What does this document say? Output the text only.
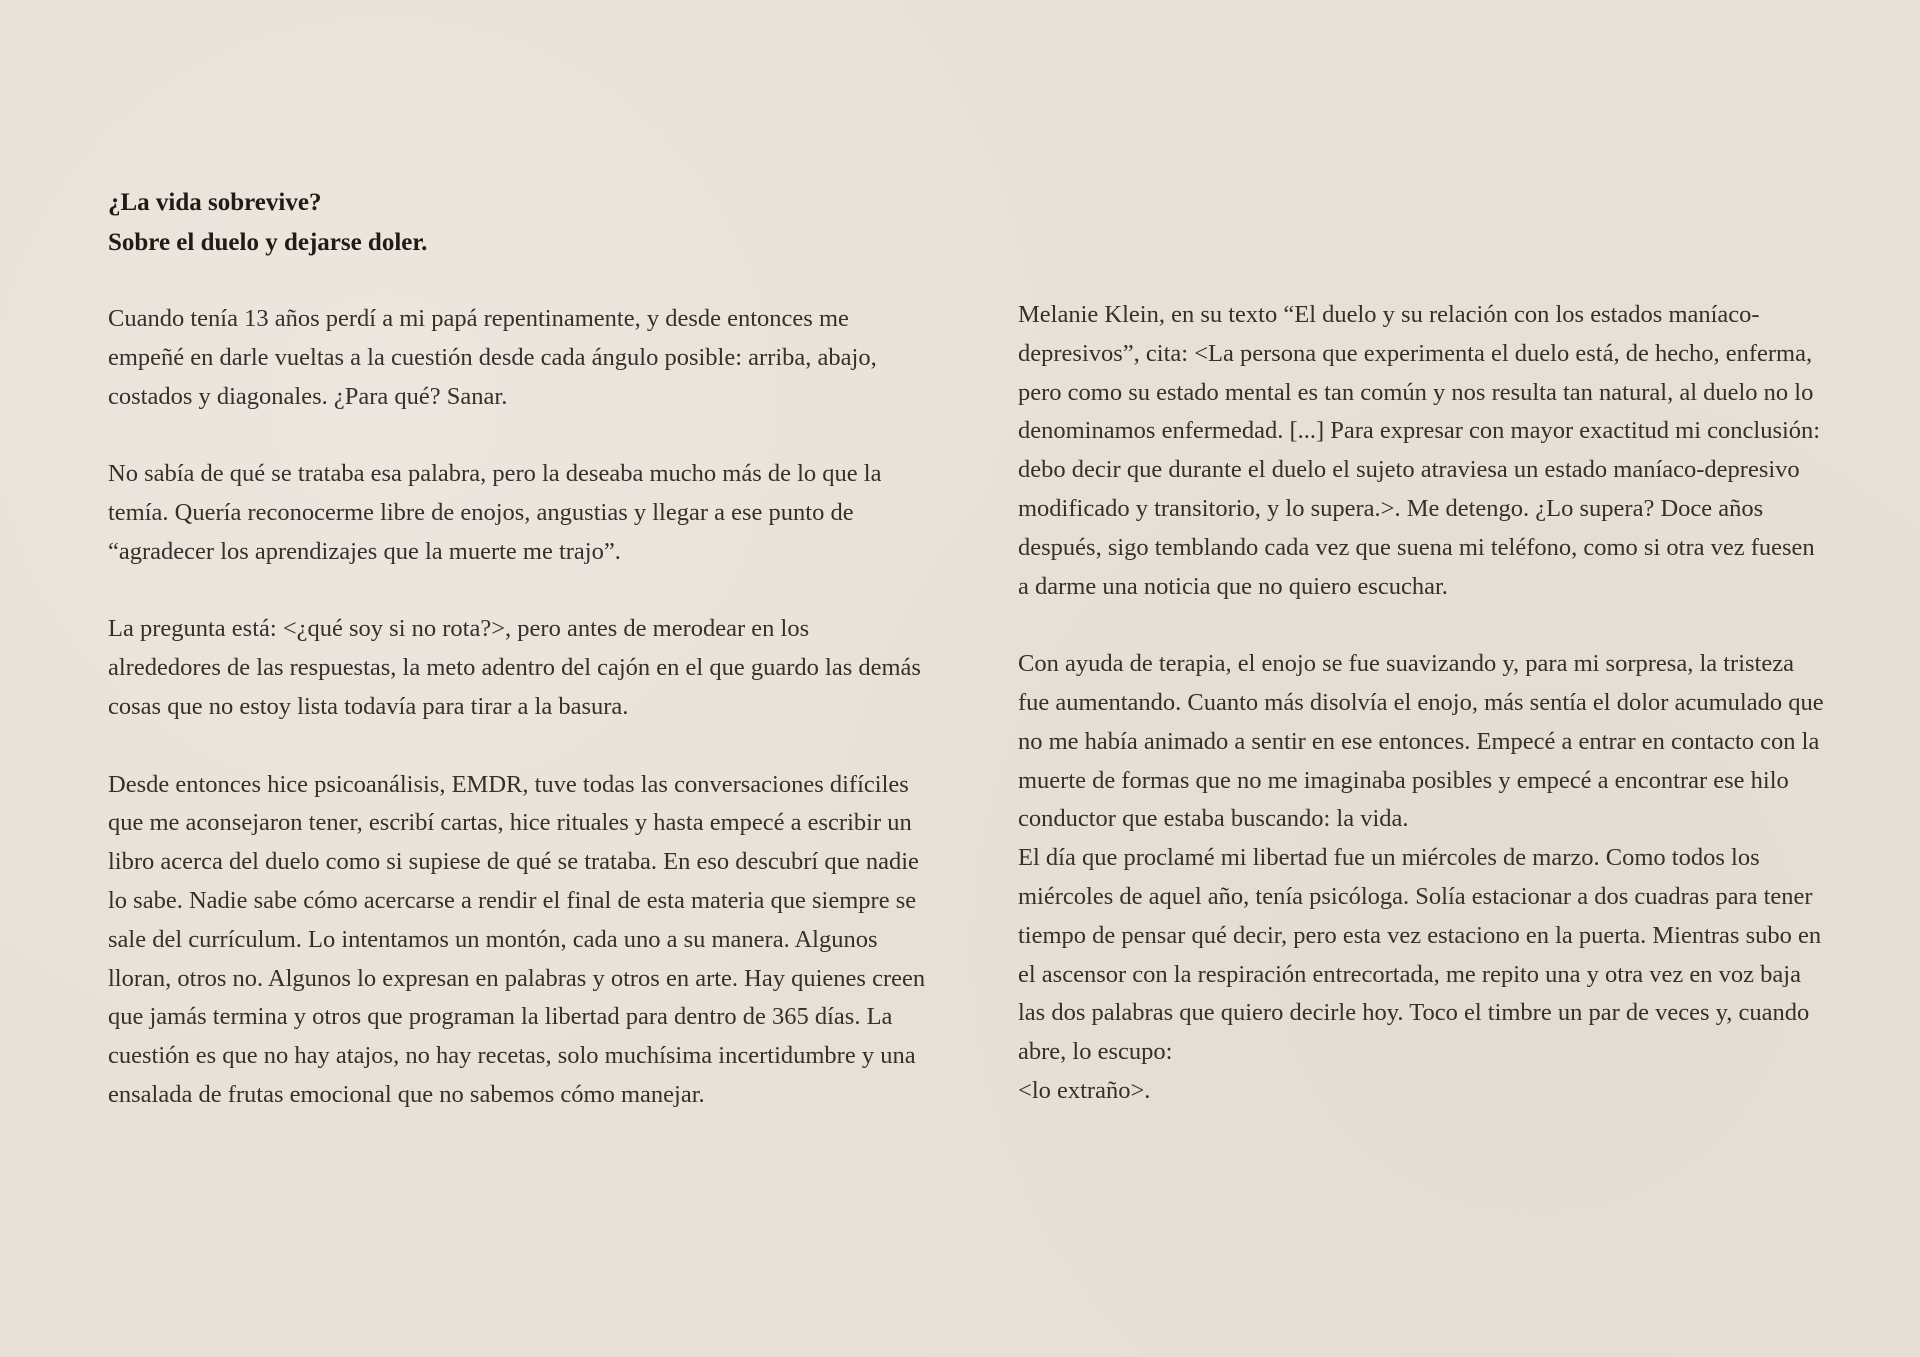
¿La vida sobrevive?
Sobre el duelo y dejarse doler.

Cuando tenía 13 años perdí a mi papá repentinamente, y desde entonces me empeñé en darle vueltas a la cuestión desde cada ángulo posible: arriba, abajo, costados y diagonales. ¿Para qué? Sanar.

No sabía de qué se trataba esa palabra, pero la deseaba mucho más de lo que la temía. Quería reconocerme libre de enojos, angustias y llegar a ese punto de “agradecer los aprendizajes que la muerte me trajo”.

La pregunta está: <¿qué soy si no rota?>, pero antes de merodear en los alrededores de las respuestas, la meto adentro del cajón en el que guardo las demás cosas que no estoy lista todavía para tirar a la basura.

Desde entonces hice psicoanálisis, EMDR, tuve todas las conversaciones difíciles que me aconsejaron tener, escribí cartas, hice rituales y hasta empecé a escribir un libro acerca del duelo como si supiese de qué se trataba. En eso descubrí que nadie lo sabe. Nadie sabe cómo acercarse a rendir el final de esta materia que siempre se sale del currículum. Lo intentamos un montón, cada uno a su manera. Algunos lloran, otros no. Algunos lo expresan en palabras y otros en arte. Hay quienes creen que jamás termina y otros que programan la libertad para dentro de 365 días. La cuestión es que no hay atajos, no hay recetas, solo muchísima incertidumbre y una ensalada de frutas emocional que no sabemos cómo manejar.

Melanie Klein, en su texto “El duelo y su relación con los estados maníaco-depresivos”, cita: <La persona que experimenta el duelo está, de hecho, enferma, pero como su estado mental es tan común y nos resulta tan natural, al duelo no lo denominamos enfermedad. [...] Para expresar con mayor exactitud mi conclusión: debo decir que durante el duelo el sujeto atraviesa un estado maníaco-depresivo modificado y transitorio, y lo supera.>. Me detengo. ¿Lo supera? Doce años después, sigo temblando cada vez que suena mi teléfono, como si otra vez fuesen a darme una noticia que no quiero escuchar.

Con ayuda de terapia, el enojo se fue suavizando y, para mi sorpresa, la tristeza fue aumentando. Cuanto más disolvía el enojo, más sentía el dolor acumulado que no me había animado a sentir en ese entonces. Empecé a entrar en contacto con la muerte de formas que no me imaginaba posibles y empecé a encontrar ese hilo conductor que estaba buscando: la vida.

El día que proclamé mi libertad fue un miércoles de marzo. Como todos los miércoles de aquel año, tenía psicóloga. Solía estacionar a dos cuadras para tener tiempo de pensar qué decir, pero esta vez estaciono en la puerta. Mientras subo en el ascensor con la respiración entrecortada, me repito una y otra vez en voz baja las dos palabras que quiero decirle hoy. Toco el timbre un par de veces y, cuando abre, lo escupo:

<lo extraño>.
